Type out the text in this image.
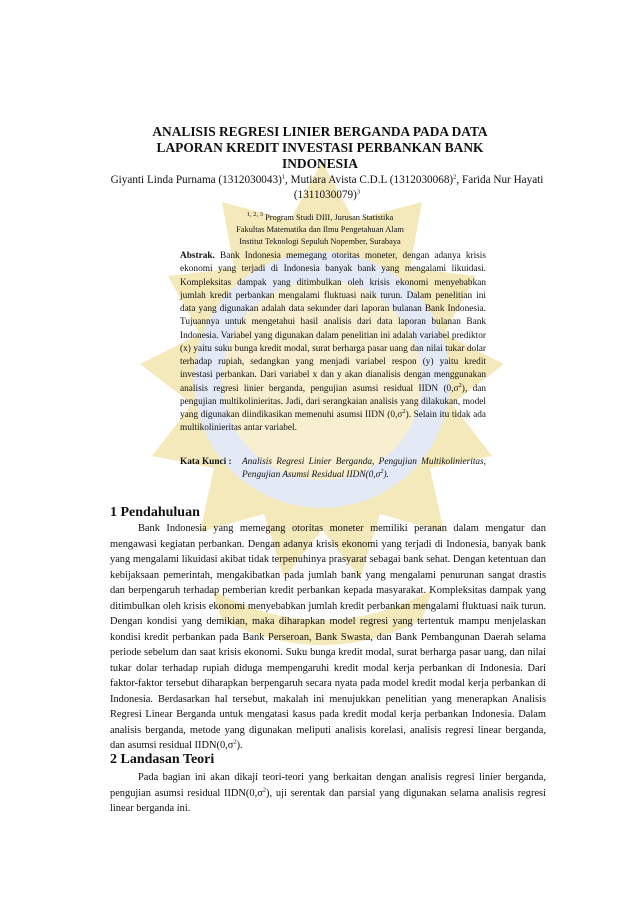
ANALISIS REGRESI LINIER BERGANDA PADA DATA
LAPORAN KREDIT INVESTASI PERBANKAN BANK
INDONESIA
Giyanti Linda Purnama $(1312030043)^1$, Mutiara Avista C.D.L $(1312030068)^2$, Farida Nur Hayati $(1311030079)^3$
$^{1, 2, 3}$ Program Studi DIII, Jurusan Statistika
Fakultas Matematika dan Ilmu Pengetahuan Alam
Institut Teknologi Sepuluh Nopember, Surabaya
Abstrak. Bank Indonesia memegang otoritas moneter, dengan adanya krisis ekonomi yang terjadi di Indonesia banyak bank yang mengalami likuidasi. Kompleksitas dampak yang ditimbulkan oleh krisis ekonomi menyebabkan jumlah kredit perbankan mengalami fluktuasi naik turun. Dalam penelitian ini data yang digunakan adalah data sekunder dari laporan bulanan Bank Indonesia. Tujuannya untuk mengetahui hasil analisis dari data laporan bulanan Bank Indonesia. Variabel yang digunakan dalam penelitian ini adalah variabel prediktor (x) yaitu suku bunga kredit modal, surat berharga pasar uang dan nilai tukar dolar terhadap rupiah, sedangkan yang menjadi variabel respon (y) yaitu kredit investasi perbankan. Dari variabel x dan y akan dianalisis dengan menggunakan analisis regresi linier berganda, pengujian asumsi residual IIDN $(0,\sigma^2)$, dan pengujian multikolinieritas. Jadi, dari serangkaian analisis yang dilakukan, model yang digunakan diindikasikan memenuhi asumsi IIDN $(0,\sigma^2)$. Selain itu tidak ada multikolinieritas antar variabel.
Kata Kunci :	Analisis Regresi Linier Berganda, Pengujian Multikolinieritas, Pengujian Asumsi Residual $IIDN(0,\sigma^2)$.
1 Pendahuluan
Bank Indonesia yang memegang otoritas moneter memiliki peranan dalam mengatur dan mengawasi kegiatan perbankan. Dengan adanya krisis ekonomi yang terjadi di Indonesia, banyak bank yang mengalami likuidasi akibat tidak terpenuhinya prasyarat sebagai bank sehat. Dengan ketentuan dan kebijaksaan pemerintah, mengakibatkan pada jumlah bank yang mengalami penurunan sangat drastis dan berpengaruh terhadap pemberian kredit perbankan kepada masyarakat. Kompleksitas dampak yang ditimbulkan oleh krisis ekonomi menyebabkan jumlah kredit perbankan mengalami fluktuasi naik turun. Dengan kondisi yang demikian, maka diharapkan model regresi yang tertentuk mampu menjelaskan kondisi kredit perbankan pada Bank Perseroan, Bank Swasta, dan Bank Pembangunan Daerah selama periode sebelum dan saat krisis ekonomi. Suku bunga kredit modal, surat berharga pasar uang, dan nilai tukar dolar terhadap rupiah diduga mempengaruhi kredit modal kerja perbankan di Indonesia. Dari faktor-faktor tersebut diharapkan berpengaruh secara nyata pada model kredit modal kerja perbankan di Indonesia. Berdasarkan hal tersebut, makalah ini menujukkan penelitian yang menerapkan Analisis Regresi Linear Berganda untuk mengatasi kasus pada kredit modal kerja perbankan Indonesia. Dalam analisis berganda, metode yang digunakan meliputi analisis korelasi, analisis regresi linear berganda, dan asumsi residual $IIDN(0,\sigma^2)$.
2 Landasan Teori
Pada bagian ini akan dikaji teori-teori yang berkaitan dengan analisis regresi linier berganda, pengujian asumsi residual $IIDN(0,\sigma^2)$, uji serentak dan parsial yang digunakan selama analisis regresi linear berganda ini.
